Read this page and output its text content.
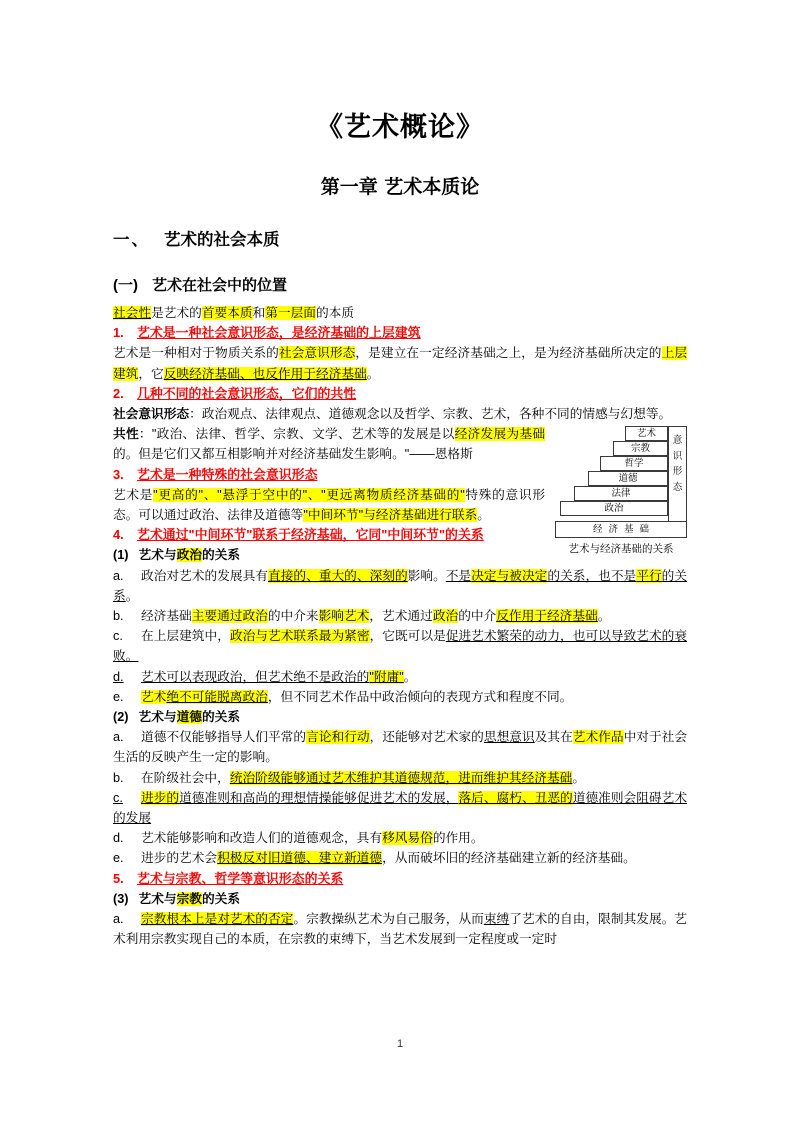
《艺术概论》
第一章 艺术本质论
一、 艺术的社会本质
(一) 艺术在社会中的位置

社会性是艺术的首要本质和第一层面的本质

1. 艺术是一种社会意识形态，是经济基础的上层建筑

艺术是一种相对于物质关系的社会意识形态，是建立在一定经济基础之上，是为经济基础所决定的上层建筑，它反映经济基础、也反作用于经济基础。

2. 几种不同的社会意识形态，它们的共性

社会意识形态：政治观点、法律观点、道德观念以及哲学、宗教、艺术，各种不同的情感与幻想等。

艺术
宗教
哲学
道德
法律
政治
意
识
形
态
经济基础
艺术与经济基础的关系

共性："政治、法律、哲学、宗教、文学、艺术等的发展是以经济发展为基础的。但是它们又都互相影响并对经济基础发生影响。"——恩格斯

3. 艺术是一种特殊的社会意识形态

艺术是"更高的"、"悬浮于空中的"、"更远离物质经济基础的"特殊的意识形态。可以通过政治、法律及道德等"中间环节"与经济基础进行联系。

4. 艺术通过"中间环节"联系于经济基础，它同"中间环节"的关系

(1) 艺术与政治的关系

a. 政治对艺术的发展具有直接的、重大的、深刻的影响。不是决定与被决定的关系，也不是平行的关系。

b. 经济基础主要通过政治的中介来影响艺术，艺术通过政治的中介反作用于经济基础。

c. 在上层建筑中，政治与艺术联系最为紧密，它既可以是促进艺术繁荣的动力，也可以导致艺术的衰败。

d. 艺术可以表现政治，但艺术绝不是政治的"附庸"。

e. 艺术绝不可能脱离政治，但不同艺术作品中政治倾向的表现方式和程度不同。

(2) 艺术与道德的关系

a. 道德不仅能够指导人们平常的言论和行动，还能够对艺术家的思想意识及其在艺术作品中对于社会生活的反映产生一定的影响。

b. 在阶级社会中，统治阶级能够通过艺术维护其道德规范，进而维护其经济基础。

c. 进步的道德准则和高尚的理想情操能够促进艺术的发展，落后、腐朽、丑恶的道德准则会阻碍艺术的发展

d. 艺术能够影响和改造人们的道德观念，具有移风易俗的作用。

e. 进步的艺术会积极反对旧道德、建立新道德，从而破坏旧的经济基础建立新的经济基础。

5. 艺术与宗教、哲学等意识形态的关系

(3) 艺术与宗教的关系

a. 宗教根本上是对艺术的否定。宗教操纵艺术为自己服务，从而束缚了艺术的自由，限制其发展。艺术利用宗教实现自己的本质，在宗教的束缚下，当艺术发展到一定程度或一定时

1
